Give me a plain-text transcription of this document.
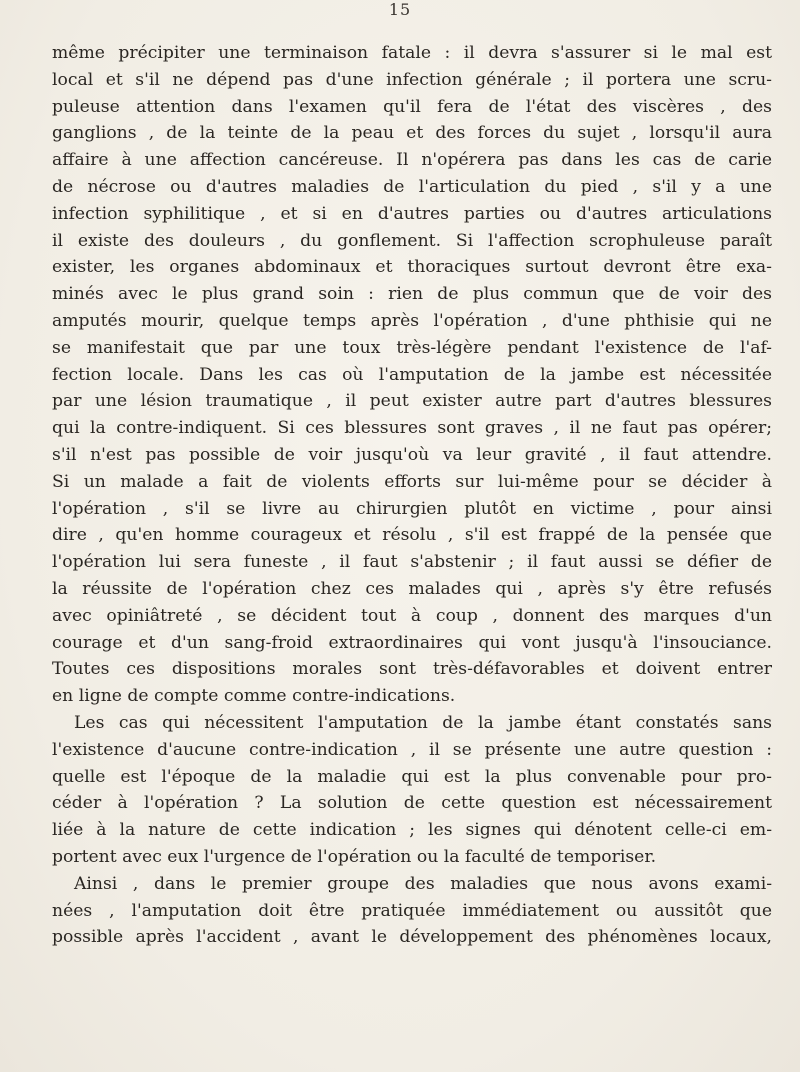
15
même précipiter une terminaison fatale : il devra s'assurer si le mal est
local et s'il ne dépend pas d'une infection générale ; il portera une scru-
puleuse attention dans l'examen qu'il fera de l'état des viscères , des
ganglions , de la teinte de la peau et des forces du sujet , lorsqu'il aura
affaire à une affection cancéreuse. Il n'opérera pas dans les cas de carie
de nécrose ou d'autres maladies de l'articulation du pied , s'il y a une
infection syphilitique , et si en d'autres parties ou d'autres articulations
il existe des douleurs , du gonflement. Si l'affection scrophuleuse paraît
exister, les organes abdominaux et thoraciques surtout devront être exa-
minés avec le plus grand soin : rien de plus commun que de voir des
amputés mourir, quelque temps après l'opération , d'une phthisie qui ne
se manifestait que par une toux très-légère pendant l'existence de l'af-
fection locale. Dans les cas où l'amputation de la jambe est nécessitée
par une lésion traumatique , il peut exister autre part d'autres blessures
qui la contre-indiquent. Si ces blessures sont graves , il ne faut pas opérer;
s'il n'est pas possible de voir jusqu'où va leur gravité , il faut attendre.
Si un malade a fait de violents efforts sur lui-même pour se décider à
l'opération , s'il se livre au chirurgien plutôt en victime , pour ainsi
dire , qu'en homme courageux et résolu , s'il est frappé de la pensée que
l'opération lui sera funeste , il faut s'abstenir ; il faut aussi se défier de
la réussite de l'opération chez ces malades qui , après s'y être refusés
avec opiniâtreté , se décident tout à coup , donnent des marques d'un
courage et d'un sang-froid extraordinaires qui vont jusqu'à l'insouciance.
Toutes ces dispositions morales sont très-défavorables et doivent entrer
en ligne de compte comme contre-indications.
Les cas qui nécessitent l'amputation de la jambe étant constatés sans
l'existence d'aucune contre-indication , il se présente une autre question :
quelle est l'époque de la maladie qui est la plus convenable pour pro-
céder à l'opération ? La solution de cette question est nécessairement
liée à la nature de cette indication ; les signes qui dénotent celle-ci em-
portent avec eux l'urgence de l'opération ou la faculté de temporiser.
Ainsi , dans le premier groupe des maladies que nous avons exami-
nées , l'amputation doit être pratiquée immédiatement ou aussitôt que
possible après l'accident , avant le développement des phénomènes locaux,
